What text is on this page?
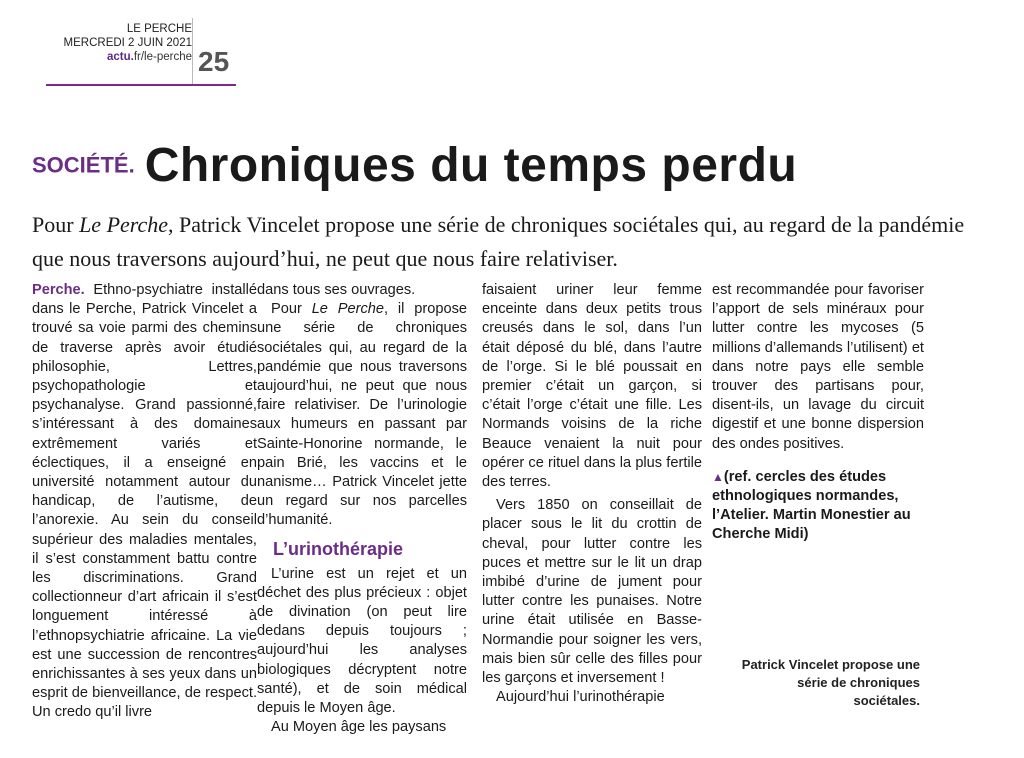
LE PERCHE
MERCREDI 2 JUIN 2021
actu.fr/le-perche 25
SOCIÉTÉ. Chroniques du temps perdu
Pour Le Perche, Patrick Vincelet propose une série de chroniques sociétales qui, au regard de la pandémie que nous traversons aujourd’hui, ne peut que nous faire relativiser.

Perche. Ethno-psychiatre installé dans le Perche, Patrick Vincelet a trouvé sa voie parmi des chemins de traverse après avoir étudié philosophie, Lettres, psychopathologie et psychanalyse. Grand passionné, s’intéressant à des domaines extrêmement variés et éclectiques, il a enseigné en université notamment autour du handicap, de l’autisme, de l’anorexie. Au sein du conseil supérieur des maladies mentales, il s’est constamment battu contre les discriminations. Grand collectionneur d’art africain il s’est longuement intéressé à l’ethnopsychiatrie africaine. La vie est une succession de rencontres enrichissantes à ses yeux dans un esprit de bienveillance, de respect. Un credo qu’il livre

dans tous ses ouvrages.

Pour Le Perche, il propose une série de chroniques sociétales qui, au regard de la pandémie que nous traversons aujourd’hui, ne peut que nous faire relativiser. De l’urinologie aux humeurs en passant par Sainte-Honorine normande, le pain Brié, les vaccins et le nanisme… Patrick Vincelet jette un regard sur nos parcelles d’humanité.

L’urinothérapie

L’urine est un rejet et un déchet des plus précieux : objet de divination (on peut lire dedans depuis toujours ; aujourd’hui les analyses biologiques décryptent notre santé), et de soin médical depuis le Moyen âge.

Au Moyen âge les paysans

faisaient uriner leur femme enceinte dans deux petits trous creusés dans le sol, dans l’un était déposé du blé, dans l’autre de l’orge. Si le blé poussait en premier c’était un garçon, si c’était l’orge c’était une fille. Les Normands voisins de la riche Beauce venaient la nuit pour opérer ce rituel dans la plus fertile des terres.

Vers 1850 on conseillait de placer sous le lit du crottin de cheval, pour lutter contre les puces et mettre sur le lit un drap imbibé d’urine de jument pour lutter contre les punaises. Notre urine était utilisée en Basse-Normandie pour soigner les vers, mais bien sûr celle des filles pour les garçons et inversement !

Aujourd’hui l’urinothérapie

est recommandée pour favoriser l’apport de sels minéraux pour lutter contre les mycoses (5 millions d’allemands l’utilisent) et dans notre pays elle semble trouver des partisans pour, disent-ils, un lavage du circuit digestif et une bonne dispersion des ondes positives.

▲(ref. cercles des études ethnologiques normandes, l’Atelier. Martin Monestier au Cherche Midi)

Patrick Vincelet propose une série de chroniques sociétales.
